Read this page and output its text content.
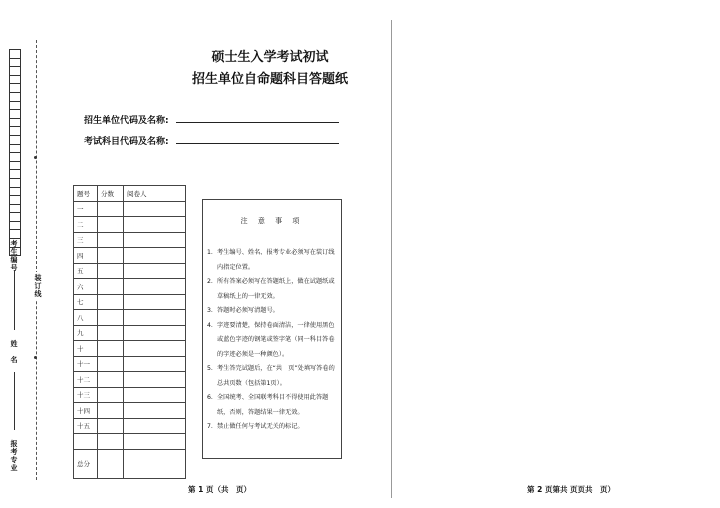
考生编号
姓　名
报考专业
装订线
硕士生入学考试初试
招生单位自命题科目答题纸
招生单位代码及名称:
考试科目代码及名称:
题号	分数	阅卷人
一		
二		
三		
四		
五		
六		
七		
八		
九		
十		
十一		
十二		
十三		
十四		
十五		

总分		
注 意 事 项
1. 考生编号、姓名、报考专业必须写在装订线内指定位置。
2. 所有答案必须写在答题纸上，做在试题纸或草稿纸上的一律无效。
3. 答题时必须写清题号。
4. 字迹要清楚，保持卷面清洁，一律使用黑色或蓝色字迹的钢笔或签字笔（同一科目答卷的字迹必须是一种颜色）。
5. 考生答完试题后，在“共　页”处填写答卷的总共页数（包括第1页）。
6. 全国统考、全国联考科目不得使用此答题纸，否则，答题结果一律无效。
7. 禁止做任何与考试无关的标记。
第 1 页（共　页）	第 2 页第共 页页共　页）
